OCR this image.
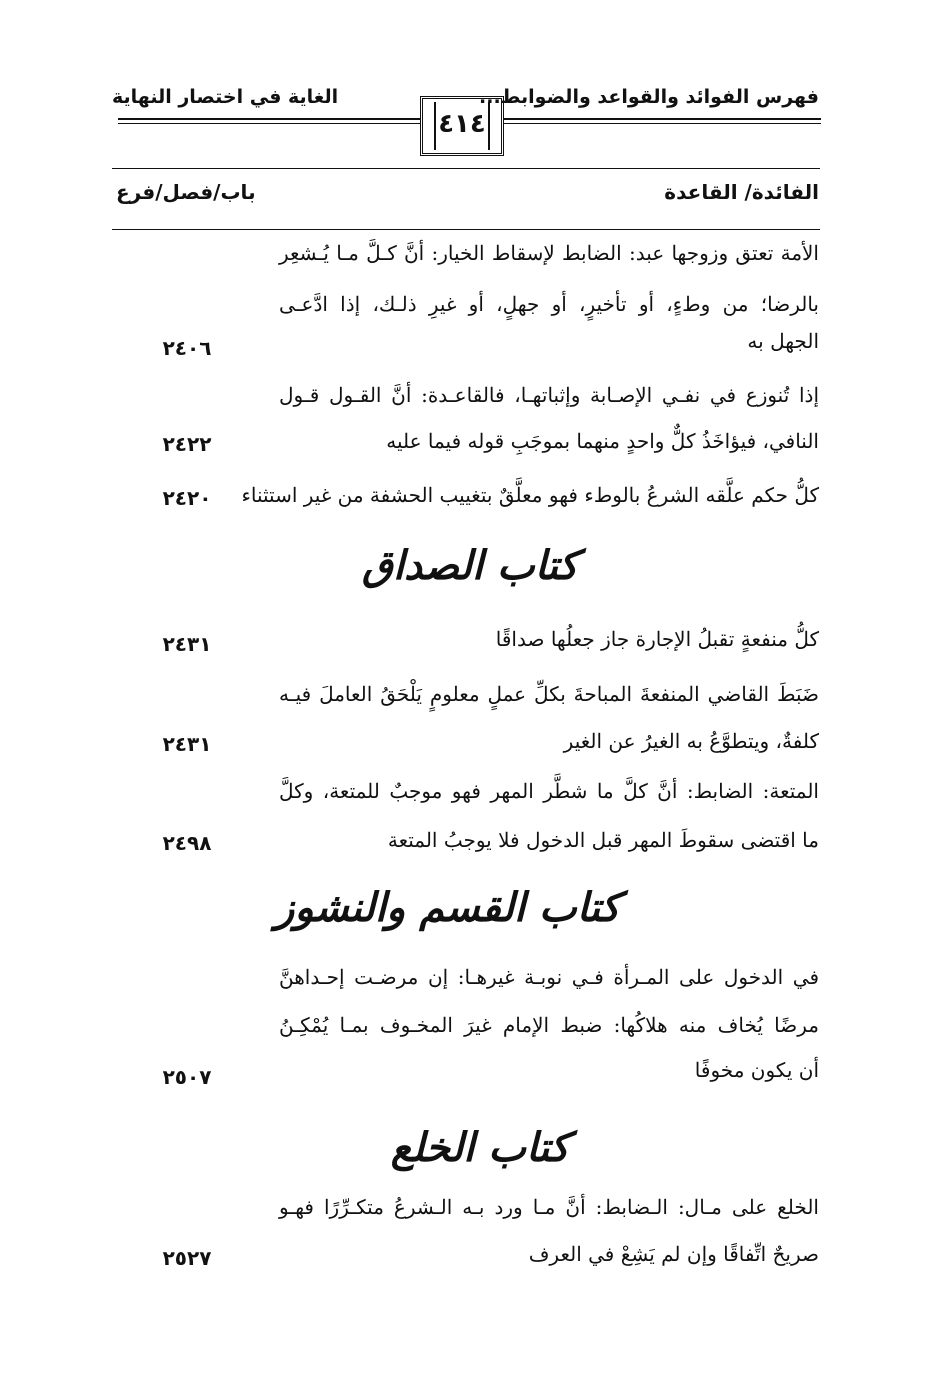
فهرس الفوائد والقواعد والضوابط...
الغاية في اختصار النهاية
٤١٤
الفائدة/ القاعدة
باب/فصل/فرع
الأمة تعتق وزوجها عبد: الضابط لإسقاط الخيار: أنَّ كـلَّ مـا يُـشعِر
بالرضا؛ من وطءٍ، أو تأخيرٍ، أو جهلٍ، أو غيرِ ذلـك، إذا ادَّعـى
الجهل به
٢٤٠٦
إذا تُنوزع في نفـي الإصـابة وإثباتهـا، فالقاعـدة: أنَّ القـول قـول
النافي، فيؤاخَذُ كلٌّ واحدٍ منهما بموجَبِ قوله فيما عليه
٢٤٢٢
كلُّ حكم علَّقه الشرعُ بالوطء فهو معلَّقٌ بتغييب الحشفة من غير استثناء
٢٤٢٠
كتاب الصداق
كلُّ منفعةٍ تقبلُ الإجارة جاز جعلُها صداقًا
٢٤٣١
ضَبَطَ القاضي المنفعةَ المباحةَ بكلِّ عملٍ معلومٍ يَلْحَقُ العاملَ فيـه
كلفةٌ، ويتطوَّعُ به الغيرُ عن الغير
٢٤٣١
المتعة: الضابط: أنَّ كلَّ ما شطَّر المهر فهو موجبٌ للمتعة، وكلَّ
ما اقتضى سقوطَ المهر قبل الدخول فلا يوجبُ المتعة
٢٤٩٨
كتاب القسم والنشوز
في الدخول على المـرأة فـي نوبـة غيرهـا: إن مرضـت إحـداهنَّ
مرضًا يُخاف منه هلاكُها: ضبط الإمام غيرَ المخـوف بمـا يُمْكِـنُ
أن يكون مخوفًا
٢٥٠٧
كتاب الخلع
الخلع على مـال: الـضابط: أنَّ مـا ورد بـه الـشرعُ متكـرِّرًا فهـو
صريحٌ اتِّفاقًا وإن لم يَشِعْ في العرف
٢٥٢٧
